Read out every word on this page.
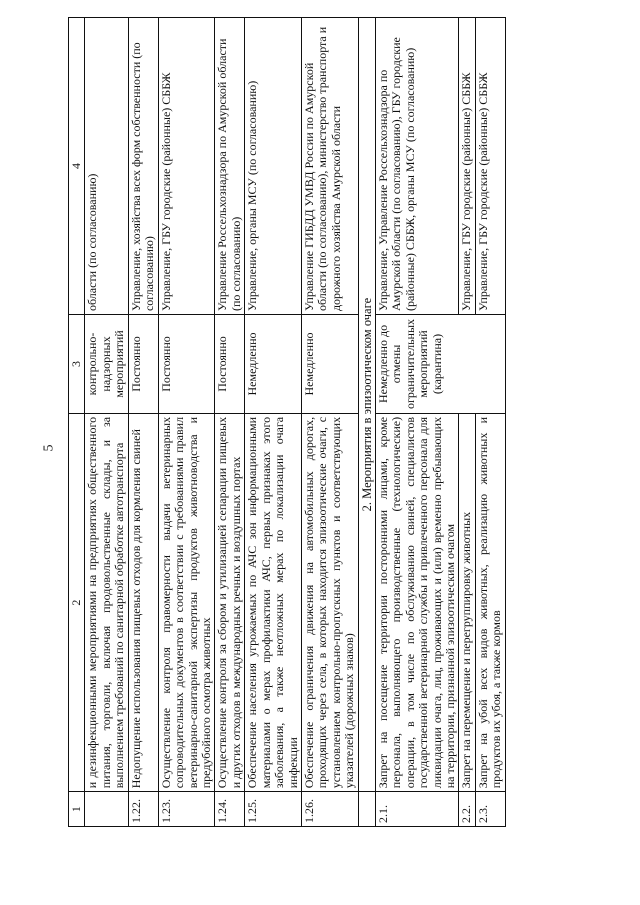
5
1	2	3	4
	и дезинфекционными мероприятиями на предприятиях общественного питания, торговли, включая продовольственные склады, и за выполнением требований по санитарной обработке автотранспорта	контрольно-надзорных мероприятий	области (по согласованию)
1.22.	Недопущение использования пищевых отходов для кормления свиней	Постоянно	Управление, хозяйства всех форм собственности (по согласованию)
1.23.	Осуществление контроля правомерности выдачи ветеринарных сопроводительных документов в соответствии с требованиями правил ветеринарно-санитарной экспертизы продуктов животноводства и предубойного осмотра животных	Постоянно	Управление, ГБУ городские (районные) СББЖ
1.24.	Осуществление контроля за сбором и утилизацией сепарации пищевых и других отходов в международных речных и воздушных портах	Постоянно	Управление Россельхознадзора по Амурской области (по согласованию)
1.25.	Обеспечение населения угрожаемых по АЧС зон информационными материалами о мерах профилактики АЧС, первых признаках этого заболевания, а также неотложных мерах по локализации очага инфекции	Немедленно	Управление, органы МСУ (по согласованию)
1.26.	Обеспечение ограничения движения на автомобильных дорогах, проходящих через села, в которых находится эпизоотические очаги, с установлением контрольно-пропускных пунктов и соответствующих указателей (дорожных знаков)	Немедленно	Управление ГИБДД УМВД России по Амурской области (по согласованию), министерство транспорта и дорожного хозяйства Амурской области
	2. Мероприятия в эпизоотическом очаге		
2.1.	Запрет на посещение территории посторонними лицами, кроме персонала, выполняющего производственные (технологические) операции, в том числе по обслуживанию свиней, специалистов государственной ветеринарной службы и привлеченного персонала для ликвидации очага, лиц, проживающих и (или) временно пребывающих на территории, признанной эпизоотическим очагом	Немедленно до отмены ограничительных мероприятий (карантина)	Управление, Управление Россельхознадзора по Амурской области (по согласованию), ГБУ городские (районные) СББЖ, органы МСУ (по согласованию)
2.2.	Запрет на перемещение и перегруппировку животных		Управление, ГБУ городские (районные) СББЖ
2.3.	Запрет на убой всех видов животных, реализацию животных и продуктов их убоя, а также кормов		Управление, ГБУ городские (районные) СББЖ
